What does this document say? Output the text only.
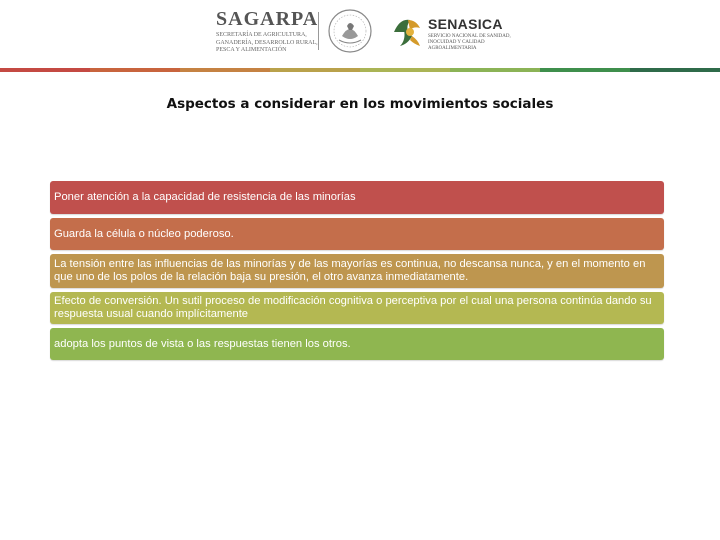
SAGARPA
SECRETARÍA DE AGRICULTURA,
GANADERÍA, DESARROLLO RURAL,
PESCA Y ALIMENTACIÓN
SENASICA
SERVICIO NACIONAL DE SANIDAD,
INOCUIDAD Y CALIDAD
AGROALIMENTARIA
Aspectos a considerar en los movimientos sociales
Poner atención a la capacidad de resistencia de las minorías
Guarda la célula o núcleo poderoso.
La tensión entre las influencias de las minorías y de las mayorías es continua, no descansa nunca, y en el momento en que uno de los polos de la relación baja su presión, el otro avanza inmediatamente.
Efecto de conversión. Un sutil proceso de modificación cognitiva o perceptiva por el cual una persona continúa dando su respuesta usual cuando implícitamente
adopta los puntos de vista o las respuestas tienen los otros.
